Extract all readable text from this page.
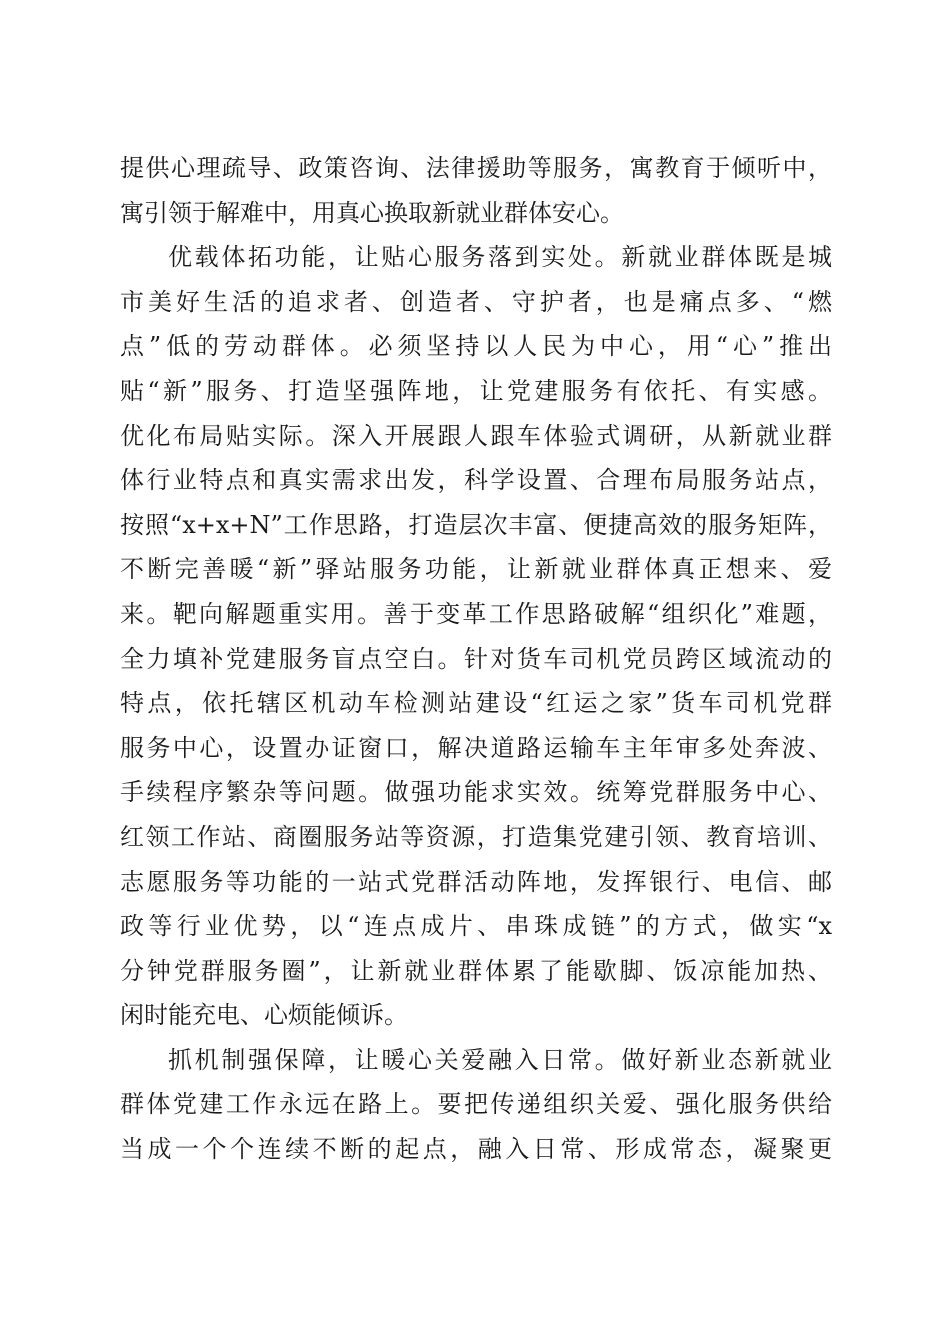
提供心理疏导、政策咨询、法律援助等服务，寓教育于倾听中，
寓引领于解难中，用真心换取新就业群体安心。
优载体拓功能，让贴心服务落到实处。新就业群体既是城
市美好生活的追求者、创造者、守护者，也是痛点多、“燃
点”低的劳动群体。必须坚持以人民为中心，用“心”推出
贴“新”服务、打造坚强阵地，让党建服务有依托、有实感。
优化布局贴实际。深入开展跟人跟车体验式调研，从新就业群
体行业特点和真实需求出发，科学设置、合理布局服务站点，
按照“x+x+N”工作思路，打造层次丰富、便捷高效的服务矩阵，
不断完善暖“新”驿站服务功能，让新就业群体真正想来、爱
来。靶向解题重实用。善于变革工作思路破解“组织化”难题，
全力填补党建服务盲点空白。针对货车司机党员跨区域流动的
特点，依托辖区机动车检测站建设“红运之家”货车司机党群
服务中心，设置办证窗口，解决道路运输车主年审多处奔波、
手续程序繁杂等问题。做强功能求实效。统筹党群服务中心、
红领工作站、商圈服务站等资源，打造集党建引领、教育培训、
志愿服务等功能的一站式党群活动阵地，发挥银行、电信、邮
政等行业优势，以“连点成片、串珠成链”的方式，做实“x
分钟党群服务圈”，让新就业群体累了能歇脚、饭凉能加热、
闲时能充电、心烦能倾诉。
抓机制强保障，让暖心关爱融入日常。做好新业态新就业
群体党建工作永远在路上。要把传递组织关爱、强化服务供给
当成一个个连续不断的起点，融入日常、形成常态，凝聚更
